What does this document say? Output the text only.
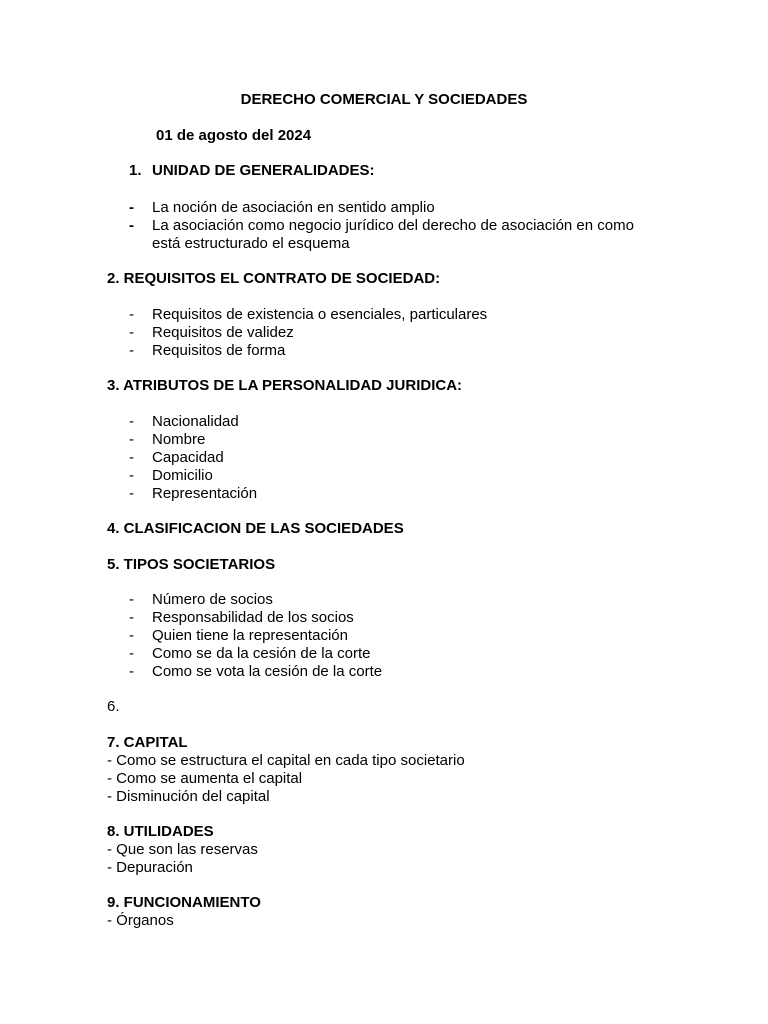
DERECHO COMERCIAL Y SOCIEDADES

01 de agosto del 2024

1. UNIDAD DE GENERALIDADES:

- La noción de asociación en sentido amplio
- La asociación como negocio jurídico del derecho de asociación en como está estructurado el esquema

2. REQUISITOS EL CONTRATO DE SOCIEDAD:

- Requisitos de existencia o esenciales, particulares
- Requisitos de validez
- Requisitos de forma

3. ATRIBUTOS DE LA PERSONALIDAD JURIDICA:

- Nacionalidad
- Nombre
- Capacidad
- Domicilio
- Representación

4. CLASIFICACION DE LAS SOCIEDADES

5. TIPOS SOCIETARIOS

- Número de socios
- Responsabilidad de los socios
- Quien tiene la representación
- Como se da la cesión de la corte
- Como se vota la cesión de la corte

6.

7. CAPITAL

- Como se estructura el capital en cada tipo societario
- Como se aumenta el capital
- Disminución del capital

8. UTILIDADES

- Que son las reservas
- Depuración

9. FUNCIONAMIENTO

- Órganos
